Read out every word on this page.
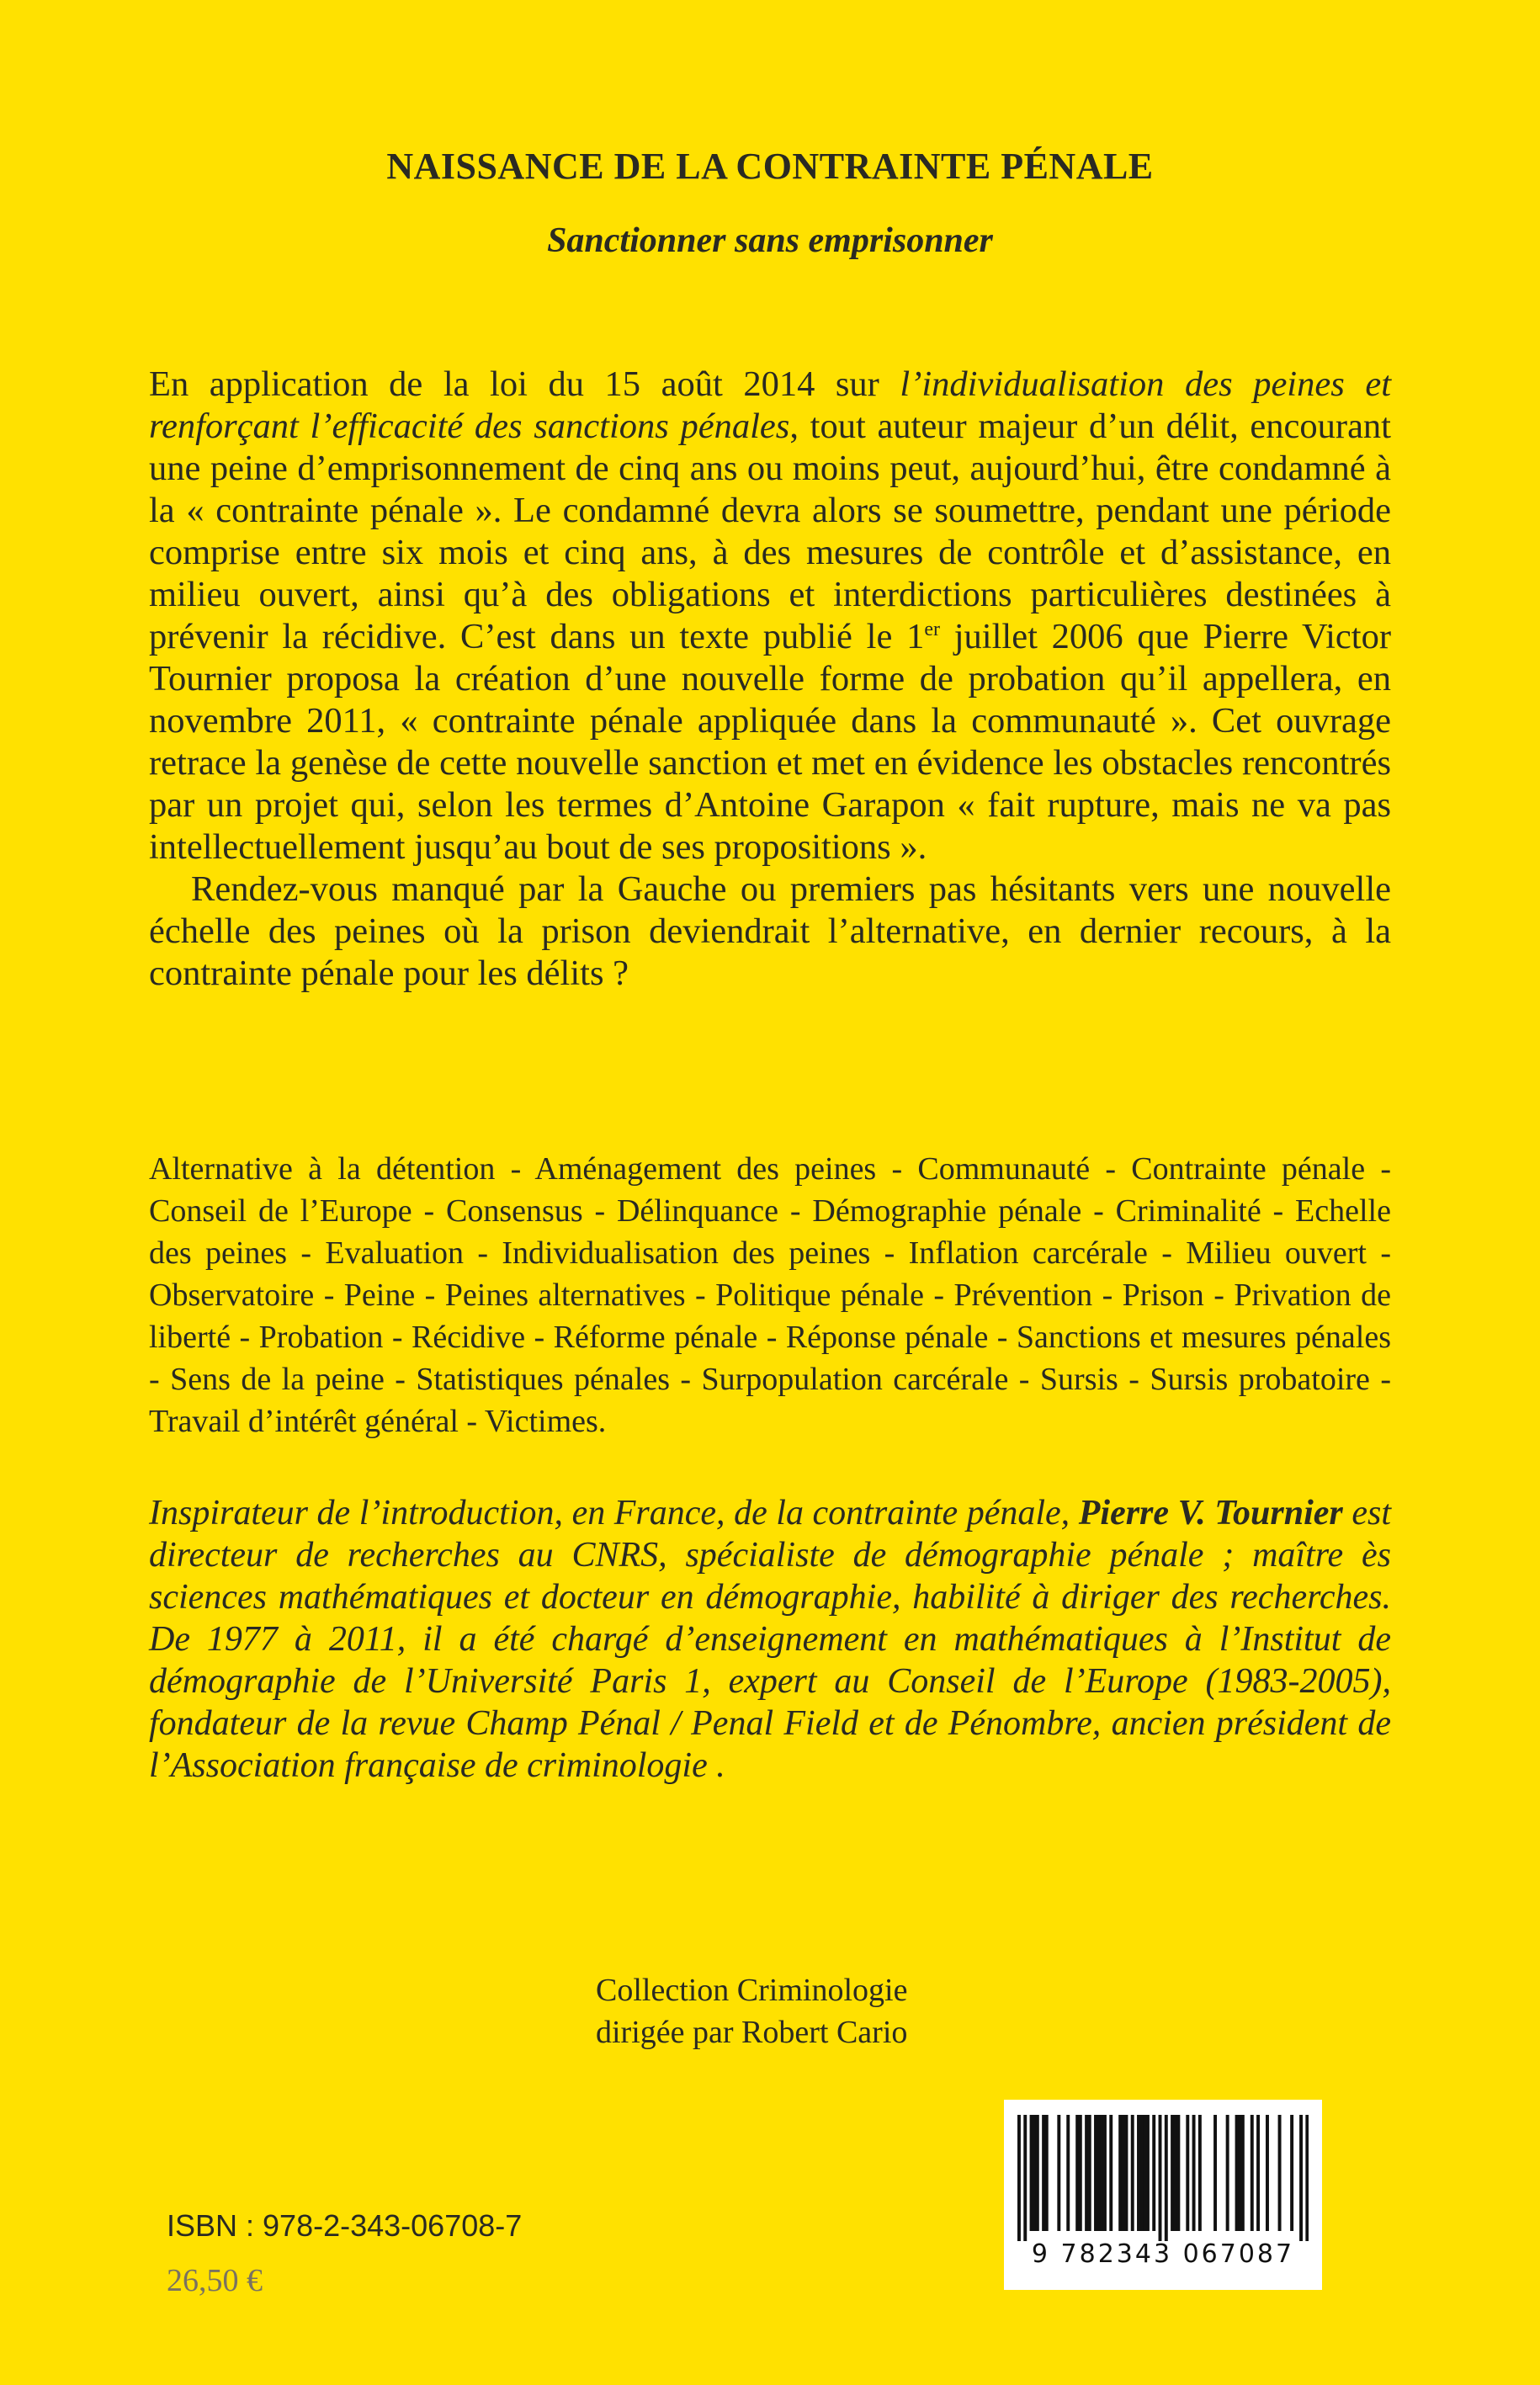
NAISSANCE DE LA CONTRAINTE PÉNALE
Sanctionner sans emprisonner

En application de la loi du 15 août 2014 sur l’individualisation des peines et renforçant l’efficacité des sanctions pénales, tout auteur majeur d’un délit, encourant une peine d’emprisonnement de cinq ans ou moins peut, aujourd’hui, être condamné à la « contrainte pénale ». Le condamné devra alors se soumettre, pendant une période comprise entre six mois et cinq ans, à des mesures de contrôle et d’assistance, en milieu ouvert, ainsi qu’à des obligations et interdictions particulières destinées à prévenir la récidive. C’est dans un texte publié le 1er juillet 2006 que Pierre Victor Tournier proposa la création d’une nouvelle forme de probation qu’il appellera, en novembre 2011, « contrainte pénale appliquée dans la communauté ». Cet ouvrage retrace la genèse de cette nouvelle sanction et met en évidence les obstacles rencontrés par un projet qui, selon les termes d’Antoine Garapon « fait rupture, mais ne va pas intellectuellement jusqu’au bout de ses propositions ».

Rendez-vous manqué par la Gauche ou premiers pas hésitants vers une nouvelle échelle des peines où la prison deviendrait l’alternative, en dernier recours, à la contrainte pénale pour les délits ?

Alternative à la détention - Aménagement des peines - Communauté - Contrainte pénale - Conseil de l’Europe - Consensus - Délinquance - Démographie pénale - Criminalité - Echelle des peines - Evaluation - Individualisation des peines - Inflation carcérale - Milieu ouvert - Observatoire - Peine - Peines alternatives - Politique pénale - Prévention - Prison - Privation de liberté - Probation - Récidive - Réforme pénale - Réponse pénale - Sanctions et mesures pénales - Sens de la peine - Statistiques pénales - Surpopulation carcérale - Sursis - Sursis probatoire - Travail d’intérêt général - Victimes.
Inspirateur de l’introduction, en France, de la contrainte pénale, Pierre V. Tournier est directeur de recherches au CNRS, spécialiste de démographie pénale ; maître ès sciences mathématiques et docteur en démographie, habilité à diriger des recherches. De 1977 à 2011, il a été chargé d’enseignement en mathématiques à l’Institut de démographie de l’Université Paris 1, expert au Conseil de l’Europe (1983-2005), fondateur de la revue Champ Pénal / Penal Field et de Pénombre, ancien président de l’Association française de criminologie .
Collection Criminologie
dirigée par Robert Cario
9 782343 067087
ISBN : 978-2-343-06708-7
26,50 €
